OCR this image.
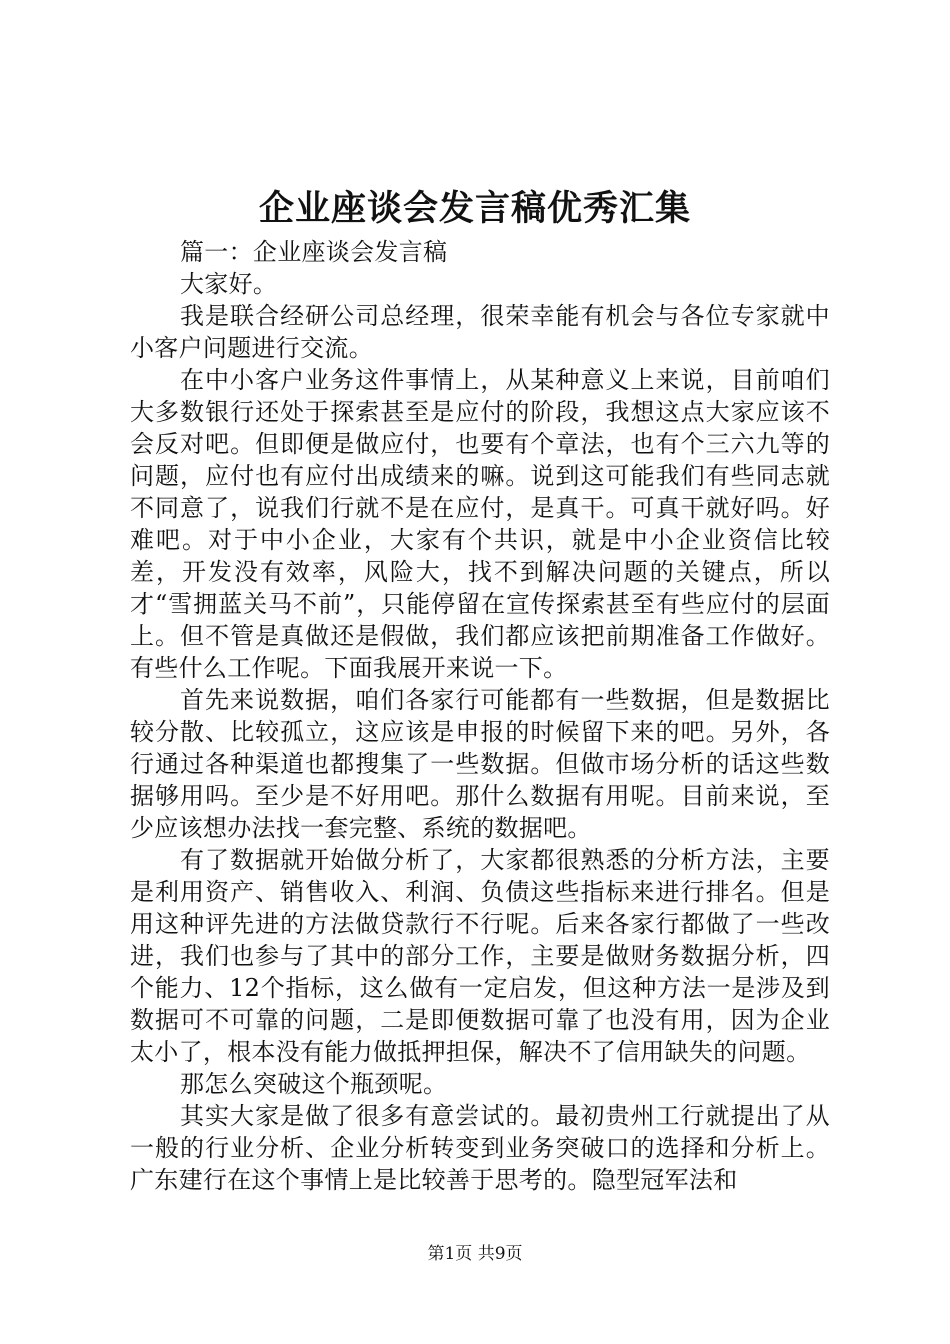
企业座谈会发言稿优秀汇集

篇一：企业座谈会发言稿

大家好。

我是联合经研公司总经理，很荣幸能有机会与各位专家就中小客户问题进行交流。

在中小客户业务这件事情上，从某种意义上来说，目前咱们大多数银行还处于探索甚至是应付的阶段，我想这点大家应该不会反对吧。但即便是做应付，也要有个章法，也有个三六九等的问题，应付也有应付出成绩来的嘛。说到这可能我们有些同志就不同意了，说我们行就不是在应付，是真干。可真干就好吗。好难吧。对于中小企业，大家有个共识，就是中小企业资信比较差，开发没有效率，风险大，找不到解决问题的关键点，所以才“雪拥蓝关马不前”，只能停留在宣传探索甚至有些应付的层面上。但不管是真做还是假做，我们都应该把前期准备工作做好。有些什么工作呢。下面我展开来说一下。

首先来说数据，咱们各家行可能都有一些数据，但是数据比较分散、比较孤立，这应该是申报的时候留下来的吧。另外，各行通过各种渠道也都搜集了一些数据。但做市场分析的话这些数据够用吗。至少是不好用吧。那什么数据有用呢。目前来说，至少应该想办法找一套完整、系统的数据吧。

有了数据就开始做分析了，大家都很熟悉的分析方法，主要是利用资产、销售收入、利润、负债这些指标来进行排名。但是用这种评先进的方法做贷款行不行呢。后来各家行都做了一些改进，我们也参与了其中的部分工作，主要是做财务数据分析，四个能力、12个指标，这么做有一定启发，但这种方法一是涉及到数据可不可靠的问题，二是即便数据可靠了也没有用，因为企业太小了，根本没有能力做抵押担保，解决不了信用缺失的问题。

那怎么突破这个瓶颈呢。

其实大家是做了很多有意尝试的。最初贵州工行就提出了从一般的行业分析、企业分析转变到业务突破口的选择和分析上。广东建行在这个事情上是比较善于思考的。隐型冠军法和

第1页 共9页
